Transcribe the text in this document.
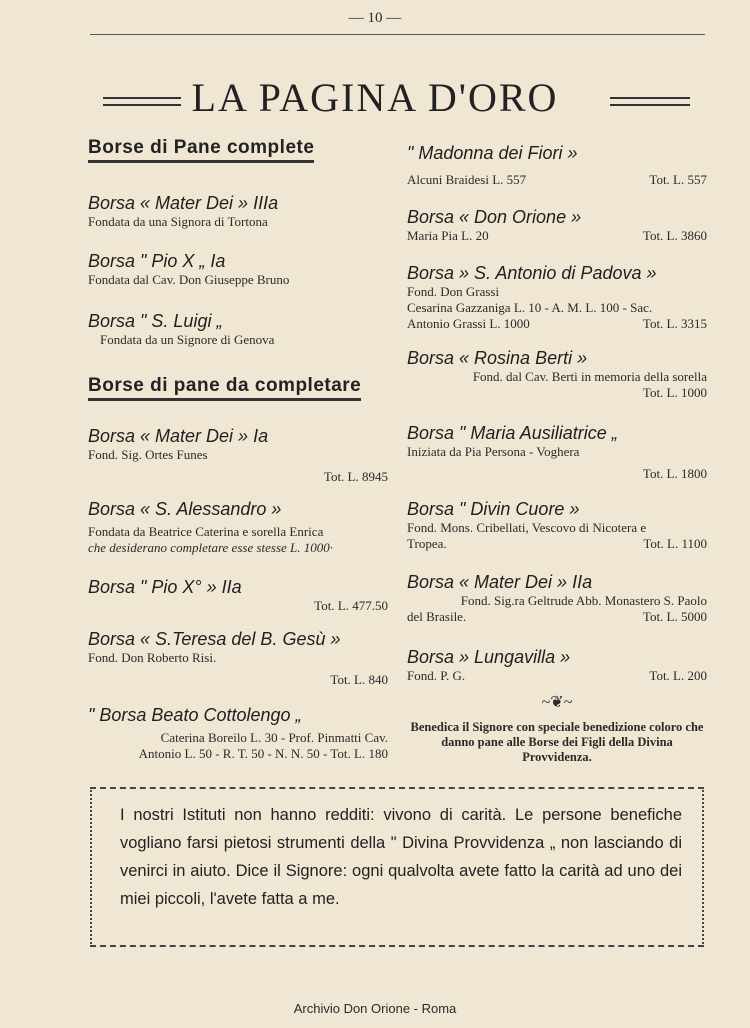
— 10 —
LA PAGINA D'ORO
Borse di Pane complete
Borsa « Mater Dei » IIIa
Fondata da una Signora di Tortona
Borsa " Pio X „ Ia
Fondata dal Cav. Don Giuseppe Bruno
Borsa " S. Luigi „
Fondata da un Signore di Genova
Borse di pane da completare
Borsa « Mater Dei » Ia
Fond. Sig. Ortes Funes
Tot. L. 8945
Borsa « S. Alessandro »
Fondata da Beatrice Caterina e sorella Enrica
che desiderano completare esse stesse L. 1000·
Borsa " Pio X° » IIa
Tot. L. 477.50
Borsa « S.Teresa del B. Gesù »
Fond. Don Roberto Risi.
Tot. L. 840
" Borsa Beato Cottolengo „
Caterina Boreilo L. 30 - Prof. Pinmatti Cav.
Antonio L. 50 - R. T. 50 - N. N. 50 - Tot. L. 180
" Madonna dei Fiori »
Alcuni Braidesi L. 557	Tot. L. 557
Borsa « Don Orione »
Maria Pia L. 20	Tot. L. 3860
Borsa » S. Antonio di Padova »
Fond. Don Grassi
Cesarina Gazzaniga L. 10 - A. M. L. 100 - Sac.
Antonio Grassi L. 1000	Tot. L. 3315
Borsa « Rosina Berti »
Fond. dal Cav. Berti in memoria della sorella
Tot. L. 1000
Borsa " Maria Ausiliatrice „
Iniziata da Pia Persona - Voghera
Tot. L. 1800
Borsa " Divin Cuore »
Fond. Mons. Cribellati, Vescovo di Nicotera e
Tropea.	Tot. L. 1100
Borsa « Mater Dei » IIa
Fond. Sig.ra Geltrude Abb. Monastero S. Paolo
del Brasile.	Tot. L. 5000
Borsa » Lungavilla »
Fond. P. G.	Tot. L. 200
~❦~
Benedica il Signore con speciale benedizione coloro che danno pane alle Borse dei Figli della Divina Provvidenza.
I nostri Istituti non hanno redditi: vivono di carità. Le persone benefiche vogliano farsi pietosi strumenti della " Divina Provvidenza „ non lasciando di venirci in aiuto. Dice il Signore: ogni qualvolta avete fatto la carità ad uno dei miei piccoli, l'avete fatta a me.
Archivio Don Orione - Roma
